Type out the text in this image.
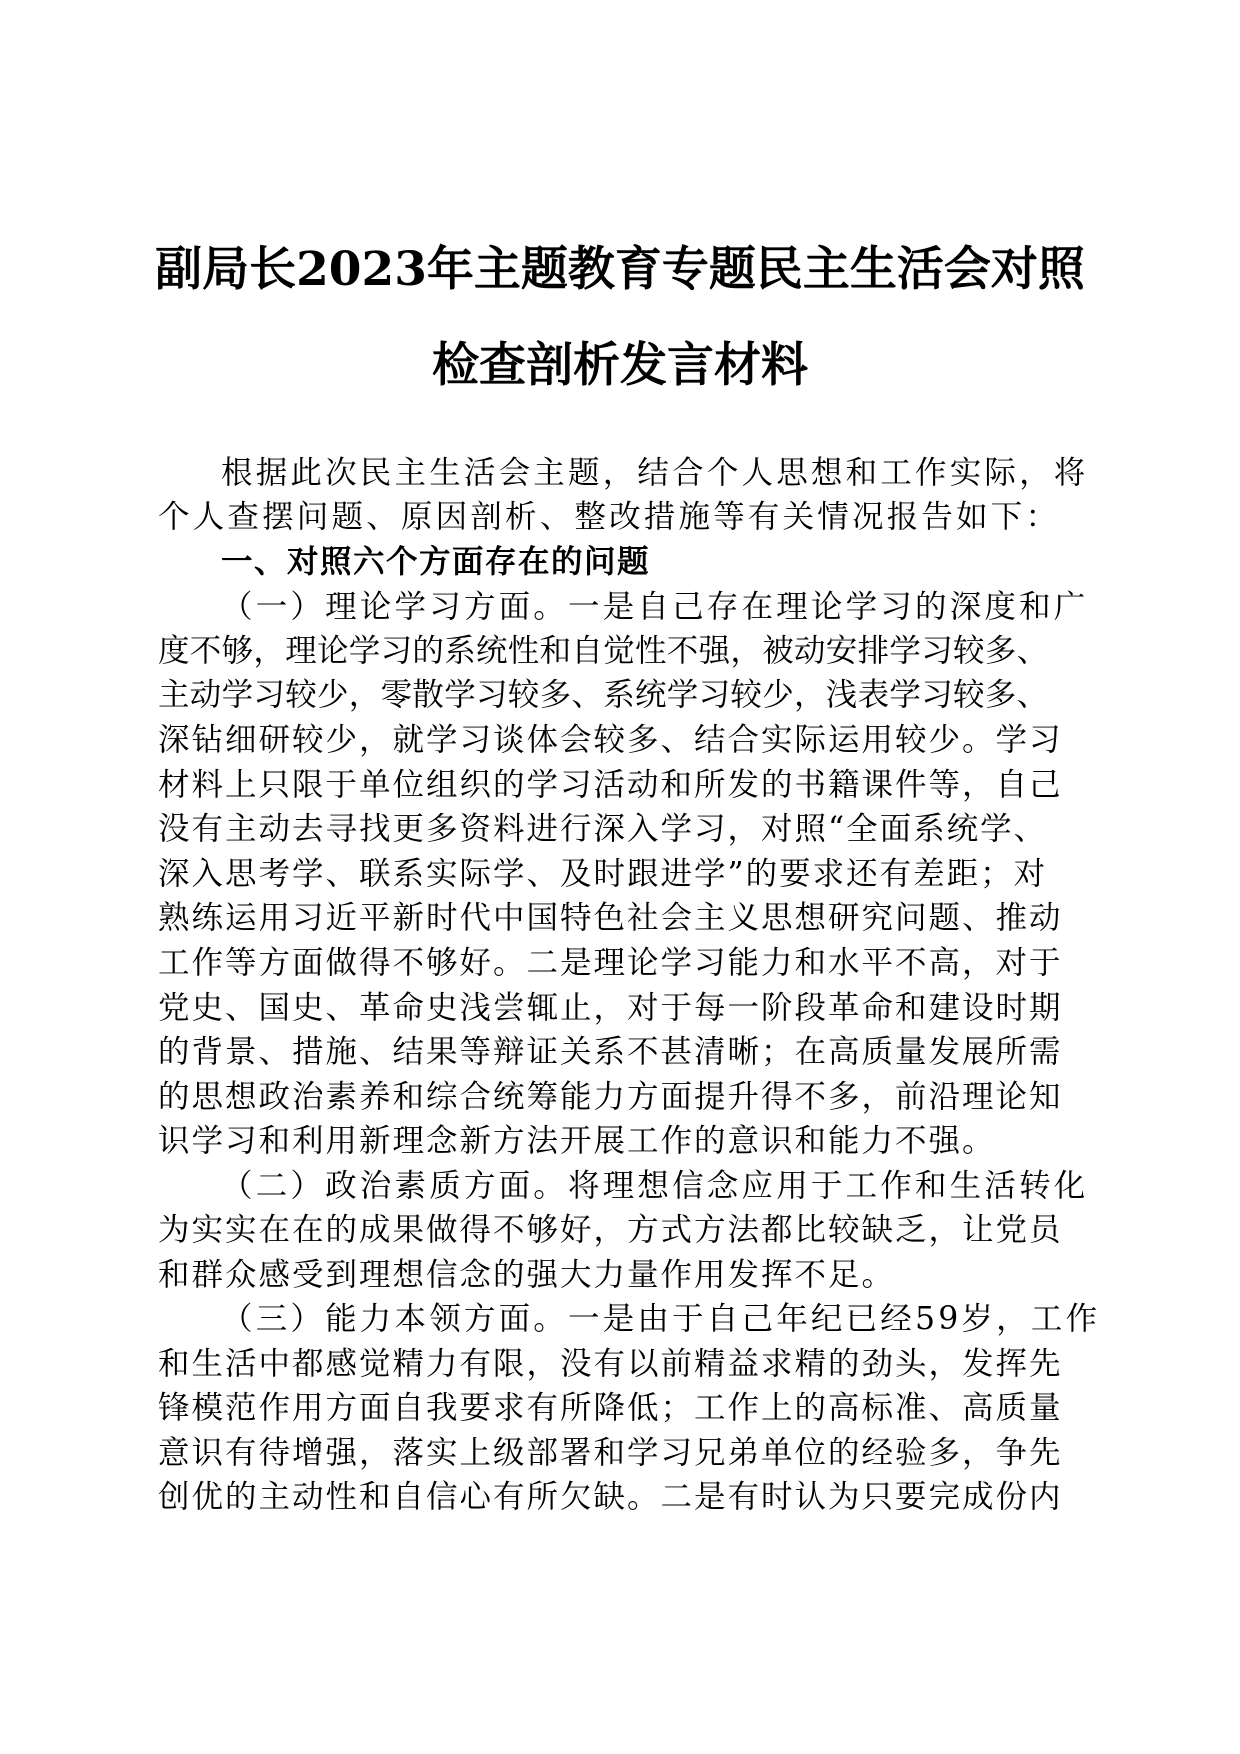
副局长2023年主题教育专题民主生活会对照
检查剖析发言材料
根据此次民主生活会主题，结合个人思想和工作实际，将
个人查摆问题、原因剖析、整改措施等有关情况报告如下：
一、对照六个方面存在的问题
（一）理论学习方面。一是自己存在理论学习的深度和广
度不够，理论学习的系统性和自觉性不强，被动安排学习较多、
主动学习较少，零散学习较多、系统学习较少，浅表学习较多、
深钻细研较少，就学习谈体会较多、结合实际运用较少。学习
材料上只限于单位组织的学习活动和所发的书籍课件等，自己
没有主动去寻找更多资料进行深入学习，对照“全面系统学、
深入思考学、联系实际学、及时跟进学”的要求还有差距；对
熟练运用习近平新时代中国特色社会主义思想研究问题、推动
工作等方面做得不够好。二是理论学习能力和水平不高，对于
党史、国史、革命史浅尝辄止，对于每一阶段革命和建设时期
的背景、措施、结果等辩证关系不甚清晰；在高质量发展所需
的思想政治素养和综合统筹能力方面提升得不多，前沿理论知
识学习和利用新理念新方法开展工作的意识和能力不强。
（二）政治素质方面。将理想信念应用于工作和生活转化
为实实在在的成果做得不够好，方式方法都比较缺乏，让党员
和群众感受到理想信念的强大力量作用发挥不足。
（三）能力本领方面。一是由于自己年纪已经59岁，工作
和生活中都感觉精力有限，没有以前精益求精的劲头，发挥先
锋模范作用方面自我要求有所降低；工作上的高标准、高质量
意识有待增强，落实上级部署和学习兄弟单位的经验多，争先
创优的主动性和自信心有所欠缺。二是有时认为只要完成份内
